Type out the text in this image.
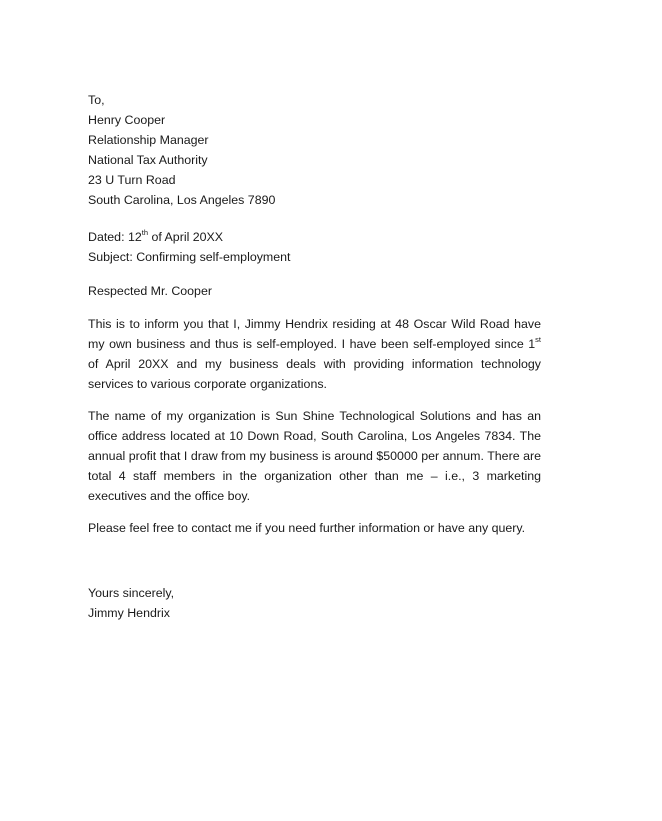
To,
Henry Cooper
Relationship Manager
National Tax Authority
23 U Turn Road
South Carolina, Los Angeles 7890
Dated: 12th of April 20XX
Subject: Confirming self-employment
Respected Mr. Cooper

This is to inform you that I, Jimmy Hendrix residing at 48 Oscar Wild Road have my own business and thus is self-employed. I have been self-employed since 1st of April 20XX and my business deals with providing information technology services to various corporate organizations.

The name of my organization is Sun Shine Technological Solutions and has an office address located at 10 Down Road, South Carolina, Los Angeles 7834. The annual profit that I draw from my business is around $50000 per annum. There are total 4 staff members in the organization other than me – i.e., 3 marketing executives and the office boy.

Please feel free to contact me if you need further information or have any query.

Yours sincerely,
Jimmy Hendrix
